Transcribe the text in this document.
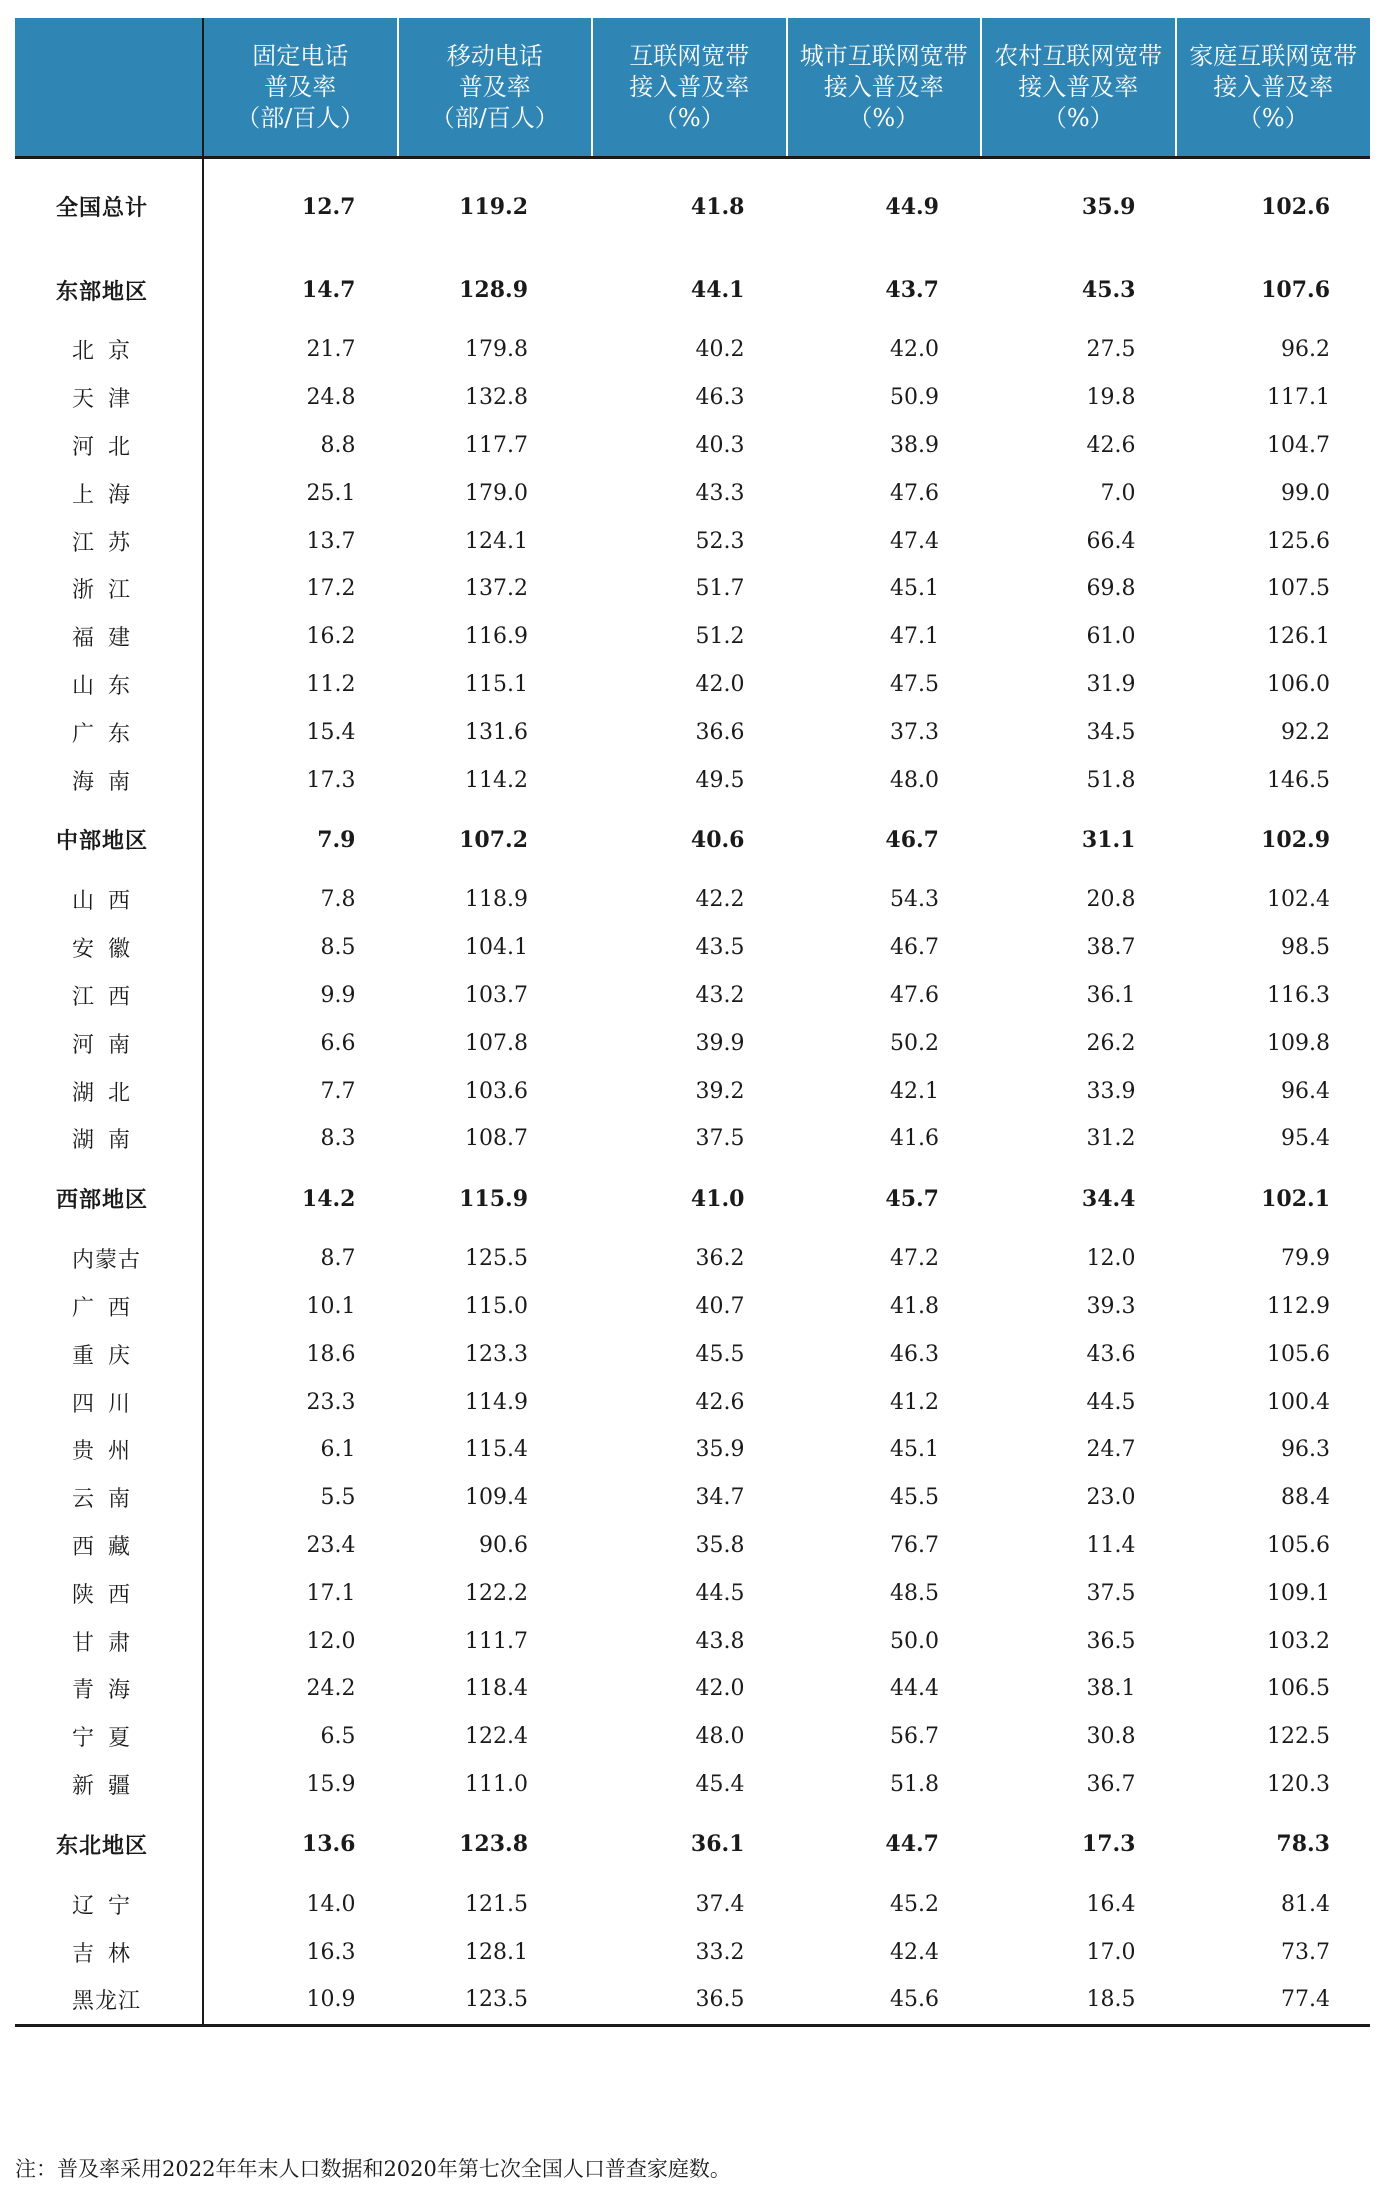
	固定电话
普及率
（部/百人）	移动电话
普及率
（部/百人）	互联网宽带
接入普及率
（%）	城市互联网宽带
接入普及率
（%）	农村互联网宽带
接入普及率
（%）	家庭互联网宽带
接入普及率
（%）

全国总计	12.7	119.2	41.8	44.9	35.9	102.6
东部地区	14.7	128.9	44.1	43.7	45.3	107.6
北京	21.7	179.8	40.2	42.0	27.5	96.2
天津	24.8	132.8	46.3	50.9	19.8	117.1
河北	8.8	117.7	40.3	38.9	42.6	104.7
上海	25.1	179.0	43.3	47.6	7.0	99.0
江苏	13.7	124.1	52.3	47.4	66.4	125.6
浙江	17.2	137.2	51.7	45.1	69.8	107.5
福建	16.2	116.9	51.2	47.1	61.0	126.1
山东	11.2	115.1	42.0	47.5	31.9	106.0
广东	15.4	131.6	36.6	37.3	34.5	92.2
海南	17.3	114.2	49.5	48.0	51.8	146.5
中部地区	7.9	107.2	40.6	46.7	31.1	102.9
山西	7.8	118.9	42.2	54.3	20.8	102.4
安徽	8.5	104.1	43.5	46.7	38.7	98.5
江西	9.9	103.7	43.2	47.6	36.1	116.3
河南	6.6	107.8	39.9	50.2	26.2	109.8
湖北	7.7	103.6	39.2	42.1	33.9	96.4
湖南	8.3	108.7	37.5	41.6	31.2	95.4
西部地区	14.2	115.9	41.0	45.7	34.4	102.1
内蒙古	8.7	125.5	36.2	47.2	12.0	79.9
广西	10.1	115.0	40.7	41.8	39.3	112.9
重庆	18.6	123.3	45.5	46.3	43.6	105.6
四川	23.3	114.9	42.6	41.2	44.5	100.4
贵州	6.1	115.4	35.9	45.1	24.7	96.3
云南	5.5	109.4	34.7	45.5	23.0	88.4
西藏	23.4	90.6	35.8	76.7	11.4	105.6
陕西	17.1	122.2	44.5	48.5	37.5	109.1
甘肃	12.0	111.7	43.8	50.0	36.5	103.2
青海	24.2	118.4	42.0	44.4	38.1	106.5
宁夏	6.5	122.4	48.0	56.7	30.8	122.5
新疆	15.9	111.0	45.4	51.8	36.7	120.3
东北地区	13.6	123.8	36.1	44.7	17.3	78.3
辽宁	14.0	121.5	37.4	45.2	16.4	81.4
吉林	16.3	128.1	33.2	42.4	17.0	73.7
黑龙江	10.9	123.5	36.5	45.6	18.5	77.4
注：普及率采用2022年年末人口数据和2020年第七次全国人口普查家庭数。
